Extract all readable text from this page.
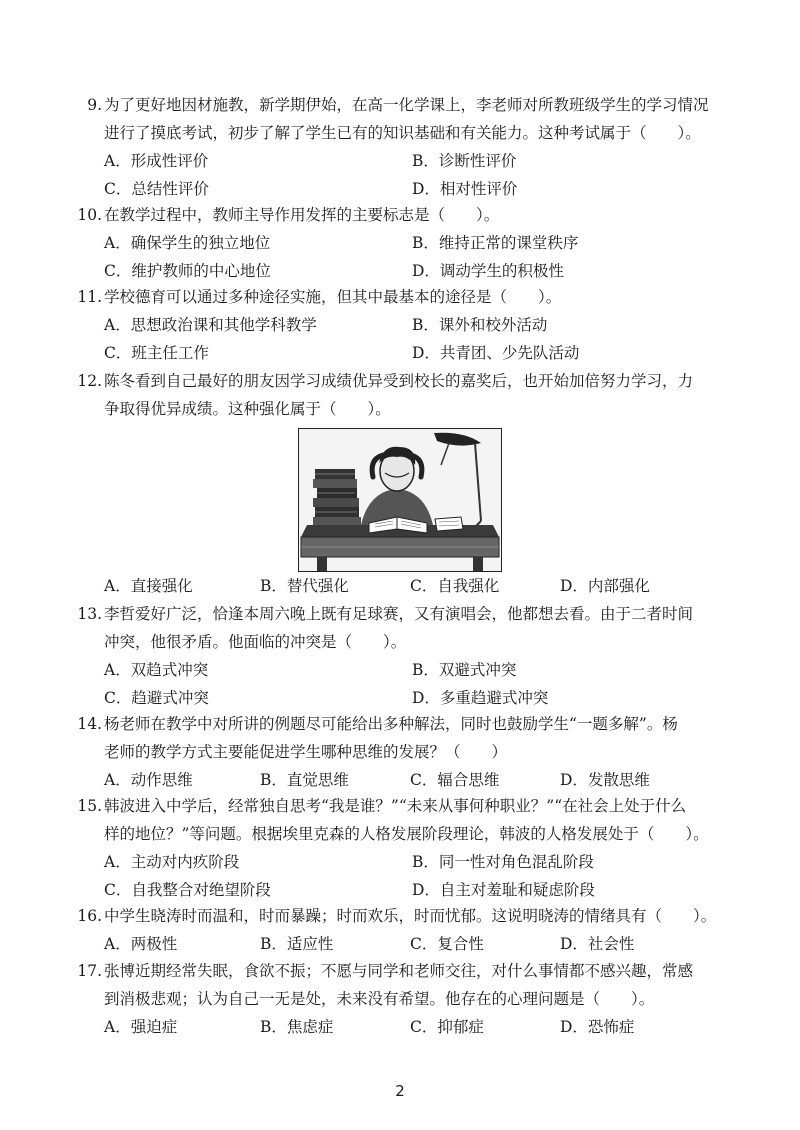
9. 为了更好地因材施教，新学期伊始，在高一化学课上，李老师对所教班级学生的学习情况
进行了摸底考试，初步了解了学生已有的知识基础和有关能力。这种考试属于（　　）。
A．形成性评价	B．诊断性评价
C．总结性评价	D．相对性评价
10. 在教学过程中，教师主导作用发挥的主要标志是（　　）。
A．确保学生的独立地位	B．维持正常的课堂秩序
C．维护教师的中心地位	D．调动学生的积极性
11. 学校德育可以通过多种途径实施，但其中最基本的途径是（　　）。
A．思想政治课和其他学科教学	B．课外和校外活动
C．班主任工作	D．共青团、少先队活动
12. 陈冬看到自己最好的朋友因学习成绩优异受到校长的嘉奖后，也开始加倍努力学习，力
争取得优异成绩。这种强化属于（　　）。
A．直接强化	B．替代强化	C．自我强化	D．内部强化
13. 李哲爱好广泛，恰逢本周六晚上既有足球赛，又有演唱会，他都想去看。由于二者时间
冲突，他很矛盾。他面临的冲突是（　　）。
A．双趋式冲突	B．双避式冲突
C．趋避式冲突	D．多重趋避式冲突
14. 杨老师在教学中对所讲的例题尽可能给出多种解法，同时也鼓励学生“一题多解”。杨
老师的教学方式主要能促进学生哪种思维的发展？（　　）
A．动作思维	B．直觉思维	C．辐合思维	D．发散思维
15. 韩波进入中学后，经常独自思考“我是谁？”“未来从事何种职业？”“在社会上处于什么
样的地位？”等问题。根据埃里克森的人格发展阶段理论，韩波的人格发展处于（　　）。
A．主动对内疚阶段	B．同一性对角色混乱阶段
C．自我整合对绝望阶段	D．自主对羞耻和疑虑阶段
16. 中学生晓涛时而温和，时而暴躁；时而欢乐，时而忧郁。这说明晓涛的情绪具有（　　）。
A．两极性	B．适应性	C．复合性	D．社会性
17. 张博近期经常失眠，食欲不振；不愿与同学和老师交往，对什么事情都不感兴趣，常感
到消极悲观；认为自己一无是处，未来没有希望。他存在的心理问题是（　　）。
A．强迫症	B．焦虑症	C．抑郁症	D．恐怖症
2
